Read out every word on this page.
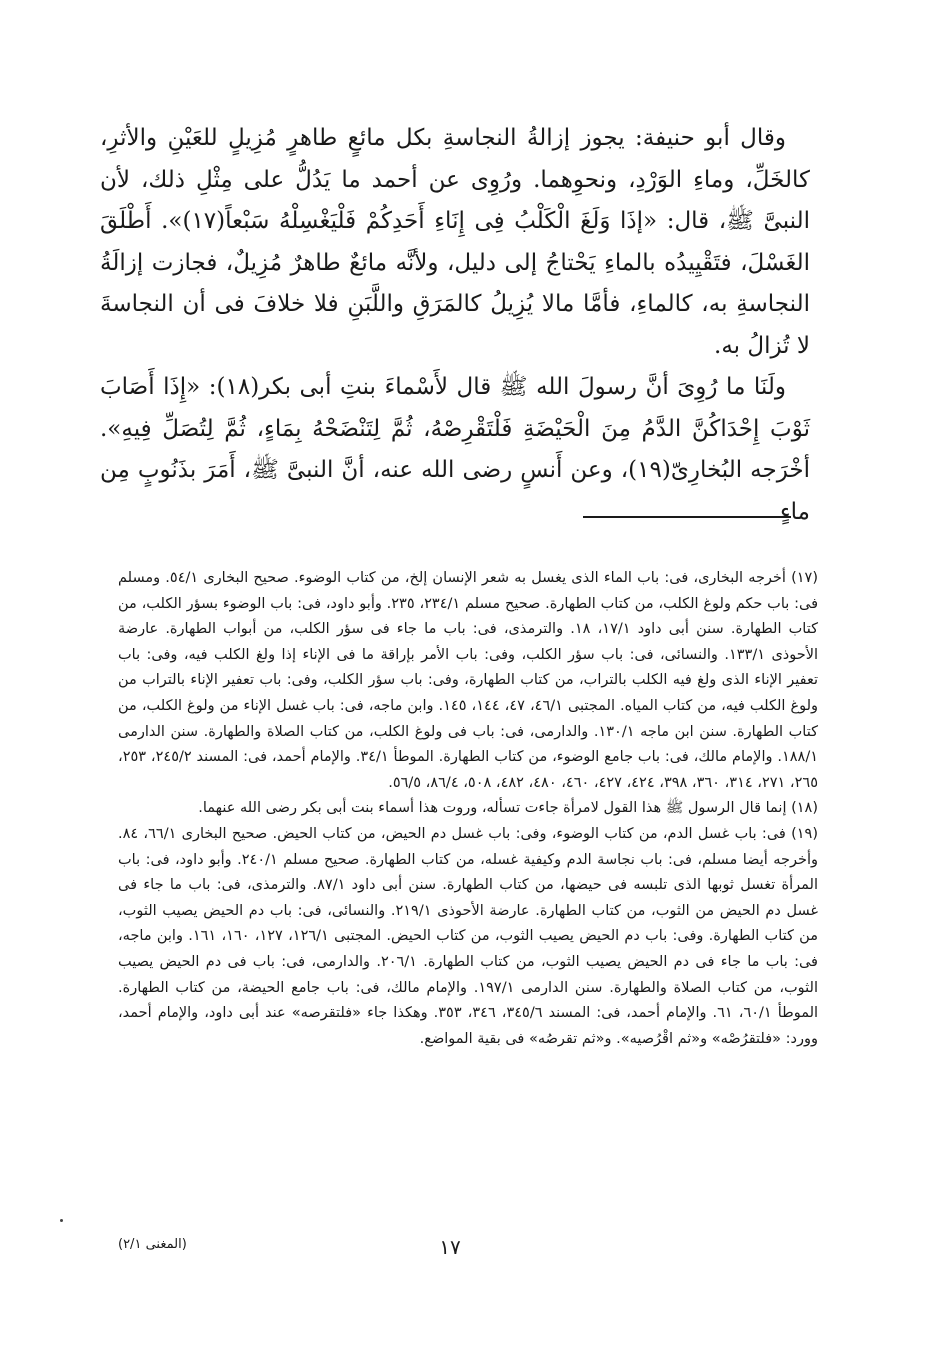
وقال أبو حنيفة: يجوز إزالةُ النجاسةِ بكل مائعٍ طاهرٍ مُزِيلٍ للعَيْنِ والأثرِ، كالخَلِّ، وماءِ الوَرْدِ، ونحوِهما. ورُوِى عن أحمد ما يَدُلُّ على مِثْلِ ذلك، لأن النبىَّ ﷺ، قال: «إذَا وَلَغَ الْكَلْبُ فِى إِنَاءِ أَحَدِكُمْ فَلْيَغْسِلْهُ سَبْعاً(١٧)». أَطْلَقَ الغَسْلَ، فتَقْيِيدُه بالماءِ يَحْتاجُ إلى دليل، ولأنَّه مائعٌ طاهرٌ مُزِيلٌ، فجازت إزالَةُ النجاسةِ به، كالماءِ، فأمَّا مالا يُزِيلُ كالمَرَقِ واللَّبَنِ فلا خلافَ فى أن النجاسةَ لا تُزالُ به.

ولَنَا ما رُوِىَ أنَّ رسولَ الله ﷺ قال لأَسْماءَ بنتِ أبى بكر(١٨): «إِذَا أَصَابَ ثَوْبَ إِحْدَاكُنَّ الدَّمُ مِنَ الْحَيْضَةِ فَلْتَقْرِصْهُ، ثُمَّ لِتَنْضَحْهُ بِمَاءٍ، ثُمَّ لِتُصَلِّ فِيهِ». أخْرَجه البُخارِىّ(١٩)، وعن أَنسٍ رضى الله عنه، أنَّ النبىَّ ﷺ، أَمَرَ بذَنُوبٍ مِن ماءٍ

(١٧) أخرجه البخارى، فى: باب الماء الذى يغسل به شعر الإنسان إلخ، من كتاب الوضوء. صحيح البخارى ٥٤/١. ومسلم فى: باب حكم ولوغ الكلب، من كتاب الطهارة. صحيح مسلم ٢٣٤/١، ٢٣٥. وأبو داود، فى: باب الوضوء بسؤر الكلب، من كتاب الطهارة. سنن أبى داود ١٧/١، ١٨. والترمذى، فى: باب ما جاء فى سؤر الكلب، من أبواب الطهارة. عارضة الأحوذى ١٣٣/١. والنسائى، فى: باب سؤر الكلب، وفى: باب الأمر بإراقة ما فى الإناء إذا ولغ الكلب فيه، وفى: باب تعفير الإناء الذى ولغ فيه الكلب بالتراب، من كتاب الطهارة، وفى: باب سؤر الكلب، وفى: باب تعفير الإناء بالتراب من ولوغ الكلب فيه، من كتاب المياه. المجتبى ٤٦/١، ٤٧، ١٤٤، ١٤٥. وابن ماجه، فى: باب غسل الإناء من ولوغ الكلب، من كتاب الطهارة. سنن ابن ماجه ١٣٠/١. والدارمى، فى: باب فى ولوغ الكلب، من كتاب الصلاة والطهارة. سنن الدارمى ١٨٨/١. والإمام مالك، فى: باب جامع الوضوء، من كتاب الطهارة. الموطأ ٣٤/١. والإمام أحمد، فى: المسند ٢٤٥/٢، ٢٥٣، ٢٦٥، ٢٧١، ٣١٤، ٣٦٠، ٣٩٨، ٤٢٤، ٤٢٧، ٤٦٠، ٤٨٠، ٤٨٢، ٥٠٨، ٨٦/٤، ٥٦/٥.

(١٨) إنما قال الرسول ﷺ هذا القول لامرأة جاءت تسأله، وروت هذا أسماء بنت أبى بكر رضى الله عنهما.

(١٩) فى: باب غسل الدم، من كتاب الوضوء، وفى: باب غسل دم الحيض، من كتاب الحيض. صحيح البخارى ٦٦/١، ٨٤. وأخرجه أيضا مسلم، فى: باب نجاسة الدم وكيفية غسله، من كتاب الطهارة. صحيح مسلم ٢٤٠/١. وأبو داود، فى: باب المرأة تغسل ثوبها الذى تلبسه فى حيضها، من كتاب الطهارة. سنن أبى داود ٨٧/١. والترمذى، فى: باب ما جاء فى غسل دم الحيض من الثوب، من كتاب الطهارة. عارضة الأحوذى ٢١٩/١. والنسائى، فى: باب دم الحيض يصيب الثوب، من كتاب الطهارة. وفى: باب دم الحيض يصيب الثوب، من كتاب الحيض. المجتبى ١٢٦/١، ١٢٧، ١٦٠، ١٦١. وابن ماجه، فى: باب ما جاء فى دم الحيض يصيب الثوب، من كتاب الطهارة. ٢٠٦/١. والدارمى، فى: باب فى دم الحيض يصيب الثوب، من كتاب الصلاة والطهارة. سنن الدارمى ١٩٧/١. والإمام مالك، فى: باب جامع الحيضة، من كتاب الطهارة. الموطأ ٦٠/١، ٦١. والإمام أحمد، فى: المسند ٣٤٥/٦، ٣٤٦، ٣٥٣. وهكذا جاء «فلتقرصه» عند أبى داود، والإمام أحمد، وورد: «فلتقرُصْه» و«ثم اقْرُصيه». و«ثم تقرصُه» فى بقية المواضع.

١٧
(المغنى ٢/١)
